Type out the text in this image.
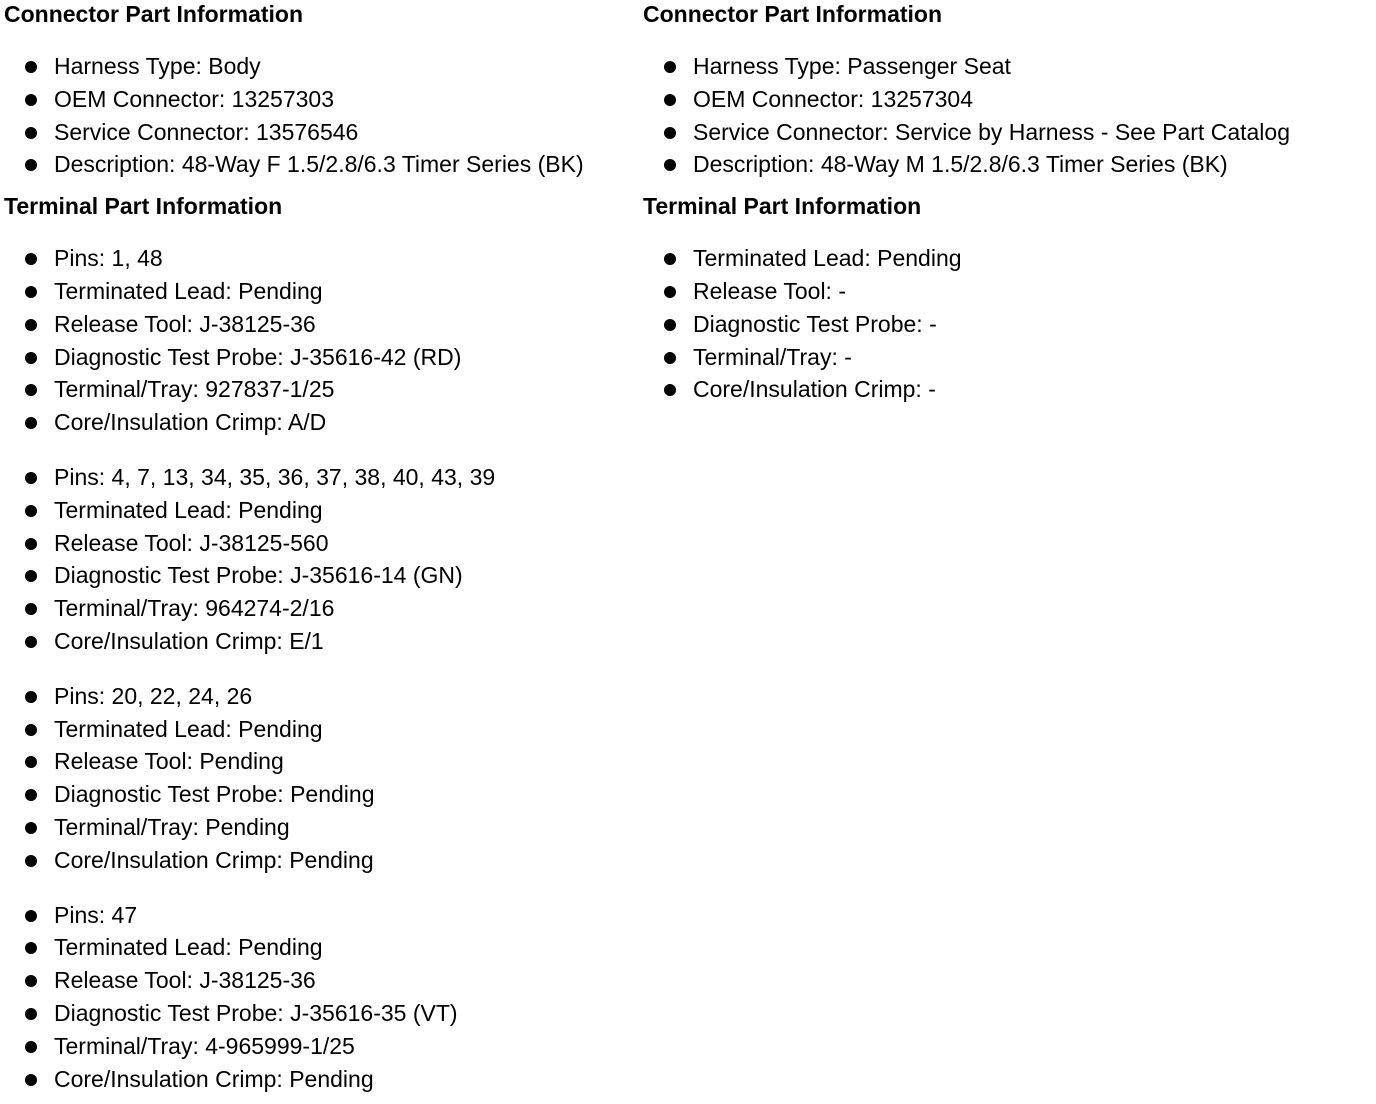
Connector Part Information
Harness Type: Body
OEM Connector: 13257303
Service Connector: 13576546
Description: 48-Way F 1.5/2.8/6.3 Timer Series (BK)
Terminal Part Information
Pins: 1, 48
Terminated Lead: Pending
Release Tool: J-38125-36
Diagnostic Test Probe: J-35616-42 (RD)
Terminal/Tray: 927837-1/25
Core/Insulation Crimp: A/D
Pins: 4, 7, 13, 34, 35, 36, 37, 38, 40, 43, 39
Terminated Lead: Pending
Release Tool: J-38125-560
Diagnostic Test Probe: J-35616-14 (GN)
Terminal/Tray: 964274-2/16
Core/Insulation Crimp: E/1
Pins: 20, 22, 24, 26
Terminated Lead: Pending
Release Tool: Pending
Diagnostic Test Probe: Pending
Terminal/Tray: Pending
Core/Insulation Crimp: Pending
Pins: 47
Terminated Lead: Pending
Release Tool: J-38125-36
Diagnostic Test Probe: J-35616-35 (VT)
Terminal/Tray: 4-965999-1/25
Core/Insulation Crimp: Pending
Connector Part Information
Harness Type: Passenger Seat
OEM Connector: 13257304
Service Connector: Service by Harness - See Part Catalog
Description: 48-Way M 1.5/2.8/6.3 Timer Series (BK)
Terminal Part Information
Terminated Lead: Pending
Release Tool: -
Diagnostic Test Probe: -
Terminal/Tray: -
Core/Insulation Crimp: -
